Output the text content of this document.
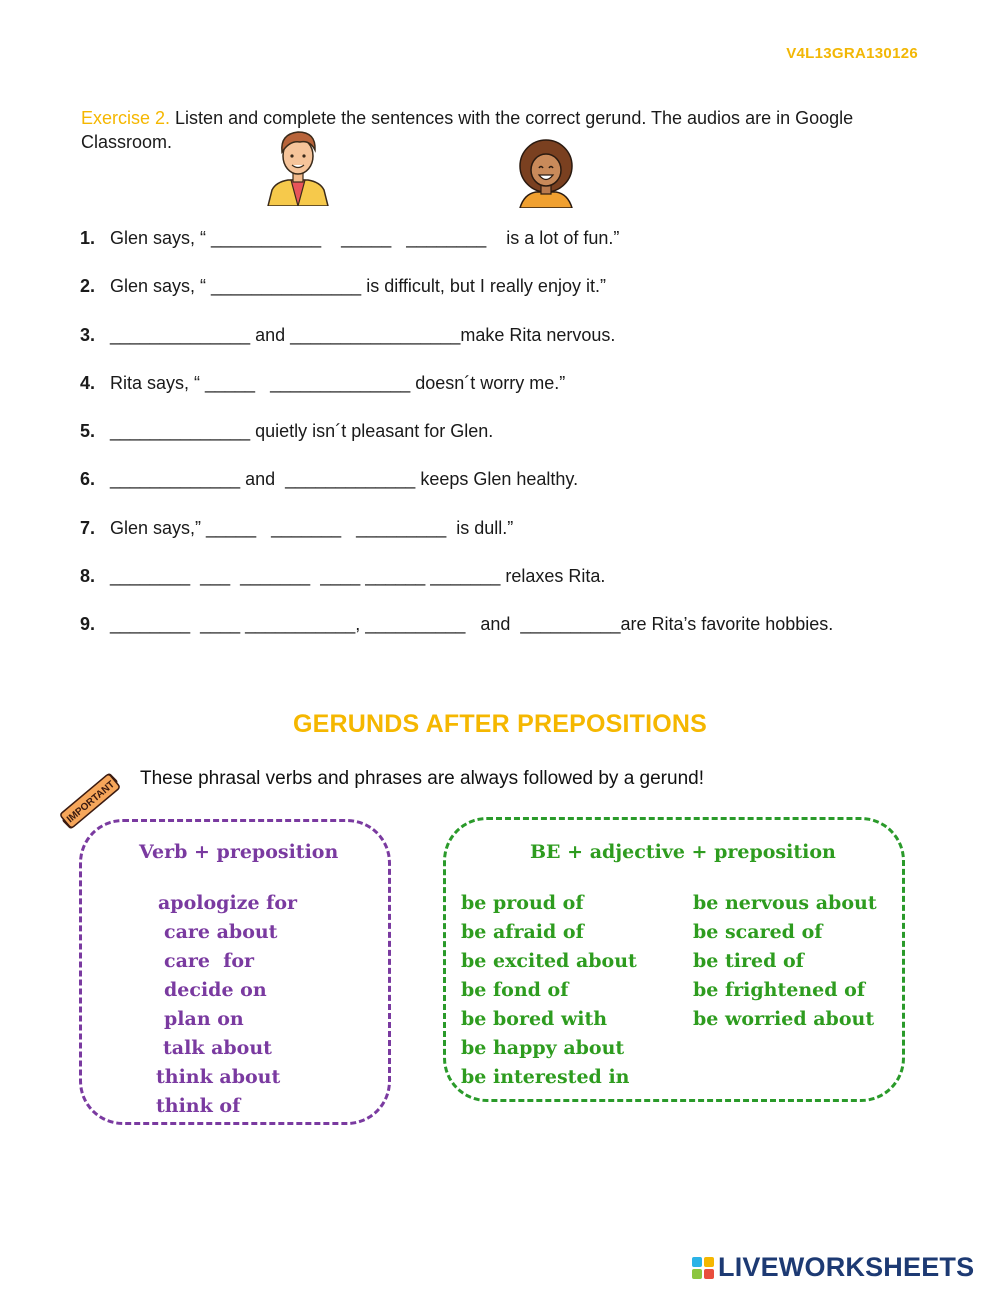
V4L13GRA130126
Exercise 2. Listen and complete the sentences with the correct gerund. The audios are in Google Classroom.
1. Glen says, “ ___________    _____   ________    is a lot of fun.”
2. Glen says, “ _______________ is difficult, but I really enjoy it.”
3. ______________ and _________________make Rita nervous.
4. Rita says, “ _____   ______________ doesn´t worry me.”
5. ______________ quietly isn´t pleasant for Glen.
6. _____________ and  _____________ keeps Glen healthy.
7. Glen says,” _____   _______   _________  is dull.”
8. ________  ___  _______  ____ ______ _______ relaxes Rita.
9. ________  ____ ___________, __________   and  __________are Rita’s favorite hobbies.
GERUNDS AFTER PREPOSITIONS
IMPORTANT
These phrasal verbs and phrases are always followed by a gerund!
Verb + preposition
apologize for
care about
care  for
decide on
plan on
talk about
think about
think of
BE + adjective + preposition
be proud of
be afraid of
be excited about
be fond of
be bored with
be happy about
be interested in
be nervous about
be scared of
be tired of
be frightened of
be worried about
LIVEWORKSHEETS
